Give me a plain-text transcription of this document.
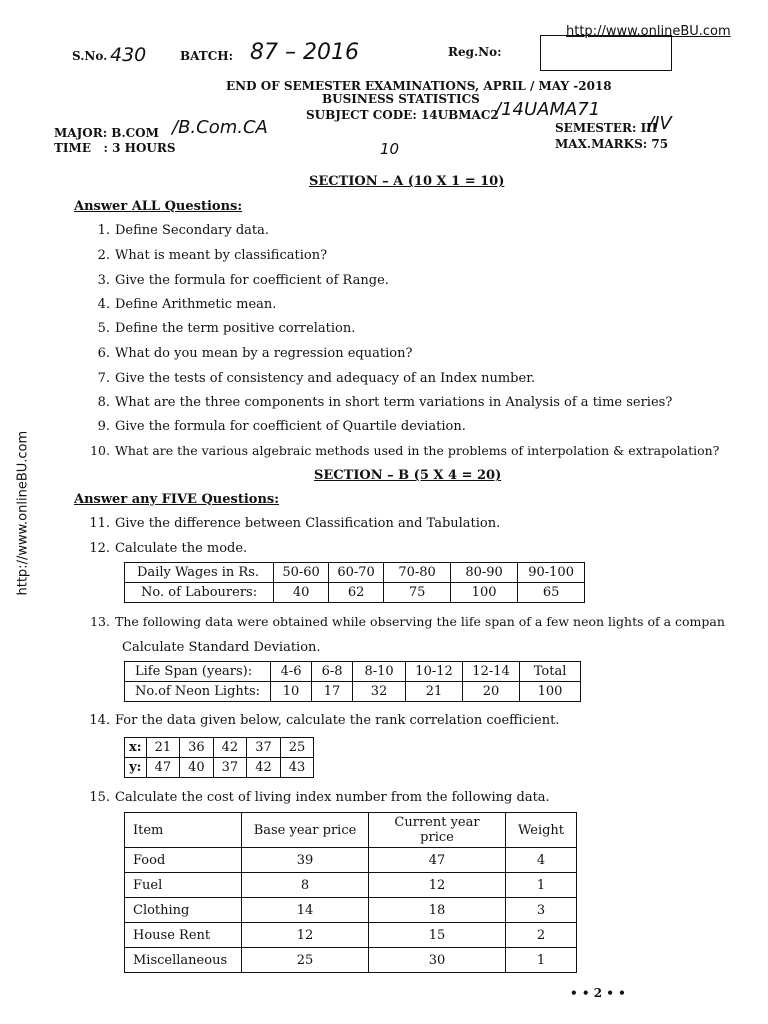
http://www.onlineBU.com
http://www.onlineBU.com
S.No. 430	BATCH: 87 – 2016	Reg.No:
END OF SEMESTER EXAMINATIONS, APRIL / MAY -2018
BUSINESS STATISTICS
SUBJECT CODE: 14UBMAC2
/14UAMA71
MAJOR: B.COM /B.Com.CA
TIME   : 3 HOURS	10
SEMESTER: III
/IV
MAX.MARKS: 75
SECTION – A (10 X 1 = 10)
Answer ALL Questions:
1. Define Secondary data.
2. What is meant by classification?
3. Give the formula for coefficient of Range.
4. Define Arithmetic mean.
5. Define the term positive correlation.
6. What do you mean by a regression equation?
7. Give the tests of consistency and adequacy of an Index number.
8. What are the three components in short term variations in Analysis of a time series?
9. Give the formula for coefficient of Quartile deviation.
10. What are the various algebraic methods used in the problems of interpolation & extrapolation?
SECTION – B (5 X 4 = 20)
Answer any FIVE Questions:
11. Give the difference between Classification and Tabulation.
12. Calculate the mode.
Daily Wages in Rs.	50-60	60-70	70-80	80-90	90-100
No. of Labourers:	40	62	75	100	65
13. The following data were obtained while observing the life span of a few neon lights of a compan
Calculate Standard Deviation.
Life Span (years):	4-6	6-8	8-10	10-12	12-14	Total
No.of Neon Lights:	10	17	32	21	20	100
14. For the data given below, calculate the rank correlation coefficient.
x:	21	36	42	37	25
y:	47	40	37	42	43
15. Calculate the cost of living index number from the following data.
Item	Base year price	Current year price	Weight
Food	39	47	4
Fuel	8	12	1
Clothing	14	18	3
House Rent	12	15	2
Miscellaneous	25	30	1
• • 2 • •
